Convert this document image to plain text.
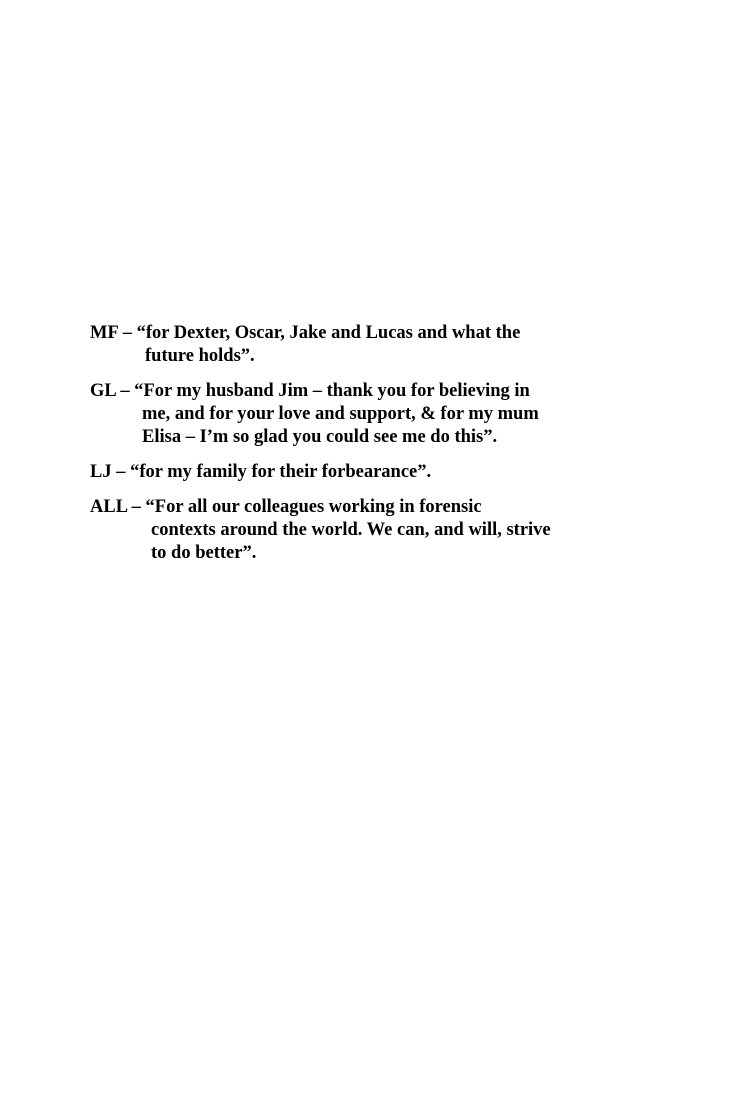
MF – “for Dexter, Oscar, Jake and Lucas and what the
future holds”.
GL – “For my husband Jim – thank you for believing in
me, and for your love and support, & for my mum
Elisa – I’m so glad you could see me do this”.
LJ – “for my family for their forbearance”.
ALL – “For all our colleagues working in forensic
contexts around the world. We can, and will, strive
to do better”.
